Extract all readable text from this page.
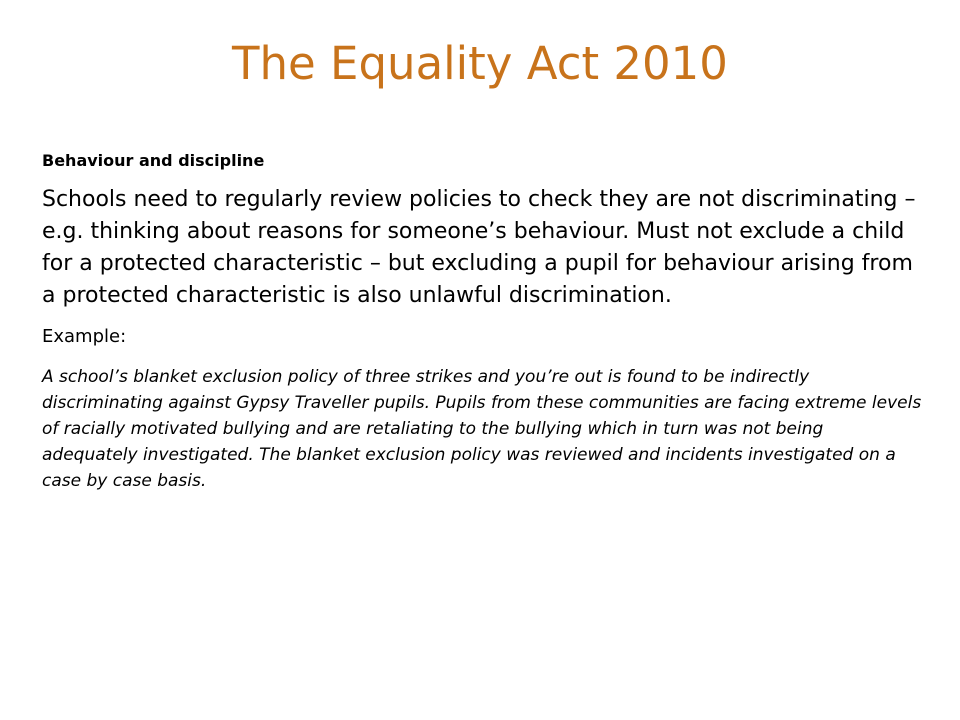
The Equality Act 2010

Behaviour and discipline

Schools need to regularly review policies to check they are not discriminating – e.g. thinking about reasons for someone’s behaviour. Must not exclude a child for a protected characteristic – but excluding a pupil for behaviour arising from a protected characteristic is also unlawful discrimination.

Example:

A school’s blanket exclusion policy of three strikes and you’re out is found to be indirectly discriminating against Gypsy Traveller pupils. Pupils from these communities are facing extreme levels of racially motivated bullying and are retaliating to the bullying which in turn was not being adequately investigated. The blanket exclusion policy was reviewed and incidents investigated on a case by case basis.
